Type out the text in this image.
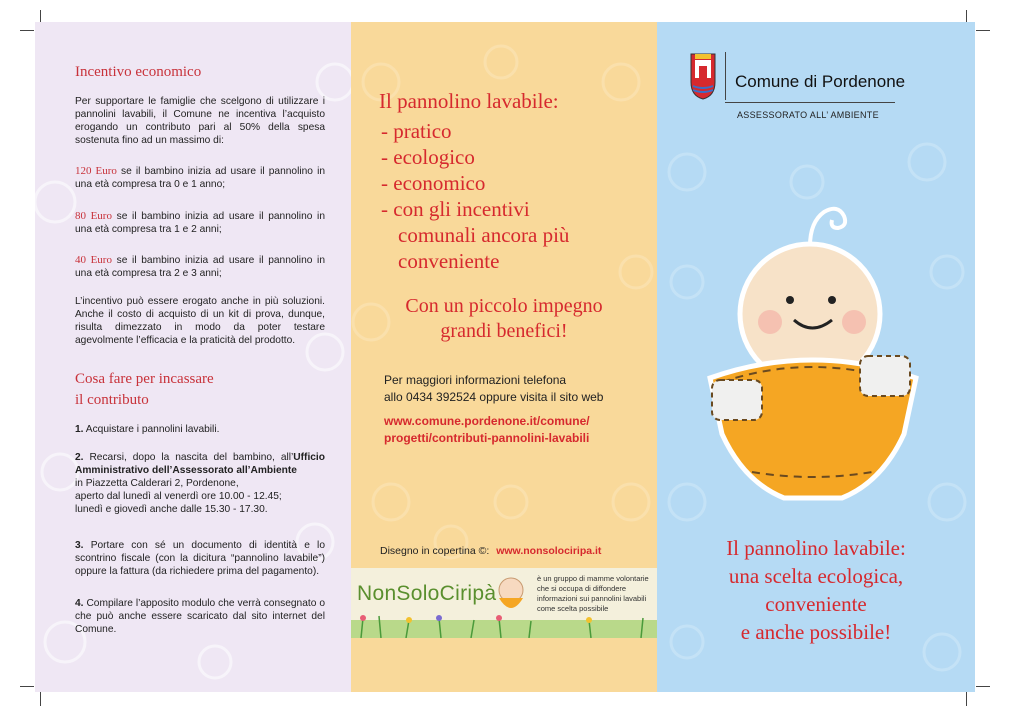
Incentivo economico
Per supportare le famiglie che scelgono di utilizzare i pannolini lavabili, il Comune ne incentiva l’acquisto erogando un contributo pari al 50% della spesa sostenuta fino ad un massimo di:
120 Euro se il bambino inizia ad usare il pannolino in una età compresa tra 0 e 1 anno;
80 Euro se il bambino inizia ad usare il pannolino in una età compresa tra 1 e 2 anni;
40 Euro se il bambino inizia ad usare il pannolino in una età compresa tra 2 e 3 anni;
L’incentivo può essere erogato anche in più soluzioni. Anche il costo di acquisto di un kit di prova, dunque, risulta dimezzato in modo da poter testare agevolmente l’efficacia e la praticità del prodotto.
Cosa fare per incassare
il contributo
1. Acquistare i pannolini lavabili.
2. Recarsi, dopo la nascita del bambino, all’Ufficio Amministrativo dell’Assessorato all’Ambiente
in Piazzetta Calderari 2, Pordenone,
aperto dal lunedì al venerdì ore 10.00 - 12.45;
lunedì e giovedì anche dalle 15.30 - 17.30.
3. Portare con sé un documento di identità e lo scontrino fiscale (con la dicitura “pannolino lavabile”) oppure la fattura (da richiedere prima del pagamento).
4. Compilare l’apposito modulo che verrà consegnato o che può anche essere scaricato dal sito internet del Comune.
Il pannolino lavabile:
- pratico
- ecologico
- economico
- con gli incentivi
comunali ancora più
conveniente
Con un piccolo impegno
grandi benefici!
Per maggiori informazioni telefona
allo 0434 392524 oppure visita il sito web
www.comune.pordenone.it/comune/
progetti/contributi-pannolini-lavabili
Disegno in copertina ©: www.nonsolociripa.it
NonSoloCiripà
è un gruppo di mamme volontarie
che si occupa di diffondere
informazioni sui pannolini lavabili
come scelta possibile
Comune di Pordenone
ASSESSORATO ALL’ AMBIENTE
Il pannolino lavabile:
una scelta ecologica,
conveniente
e anche possibile!
